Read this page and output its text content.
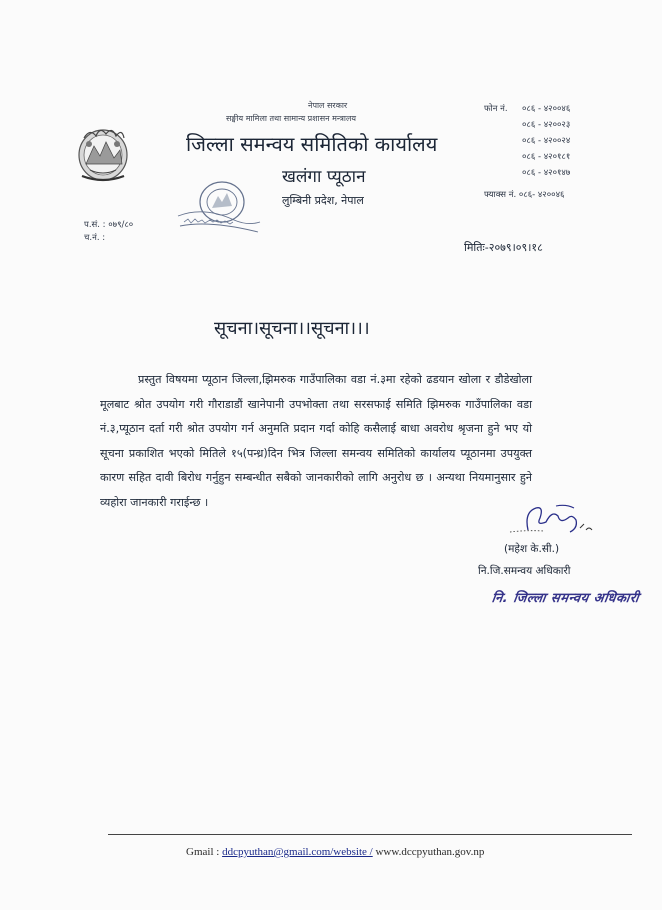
नेपाल सरकार
सङ्घीय मामिला तथा सामान्य प्रशासन मन्त्रालय
जिल्ला समन्वय समितिको कार्यालय
खलंगा प्यूठान
लुम्बिनी प्रदेश, नेपाल
फोन नं. ०८६ - ४२००४६
०८६ - ४२००२३
०८६ - ४२००२४
०८६ - ४२०१८१
०८६ - ४२०१४७
फ्याक्स नं. ०८६- ४२००४६
प.सं. : ०७९/८०
च.नं. :
मितिः-२०७९।०९।१८
सूचना।सूचना।।सूचना।।।
प्रस्तुत विषयमा प्यूठान जिल्ला,झिमरुक गाउँपालिका वडा नं.३मा रहेको ढडयान खोला र डौडेखोला मूलबाट श्रोत उपयोग गरी गौराडाडौं खानेपानी उपभोक्ता तथा सरसफाई समिति झिमरुक गाउँपालिका वडा नं.३,प्यूठान दर्ता गरी श्रोत उपयोग गर्न अनुमति प्रदान गर्दा कोहि कसैलाई बाधा अवरोध श्रृजना हुने भए यो सूचना प्रकाशित भएको मितिले १५(पन्ध्र)दिन भित्र जिल्ला समन्वय समितिको कार्यालय प्यूठानमा उपयुक्त कारण सहित दावी बिरोध गर्नुहुन सम्बन्धीत सबैको जानकारीको लागि अनुरोध छ । अन्यथा नियमानुसार हुने व्यहोरा जानकारी गराईन्छ ।
(महेश के.सी.)
नि.जि.समन्वय अधिकारी
नि. जिल्ला समन्वय अधिकारी
Gmail : ddcpyuthan@gmail.com/website / www.dccpyuthan.gov.np
